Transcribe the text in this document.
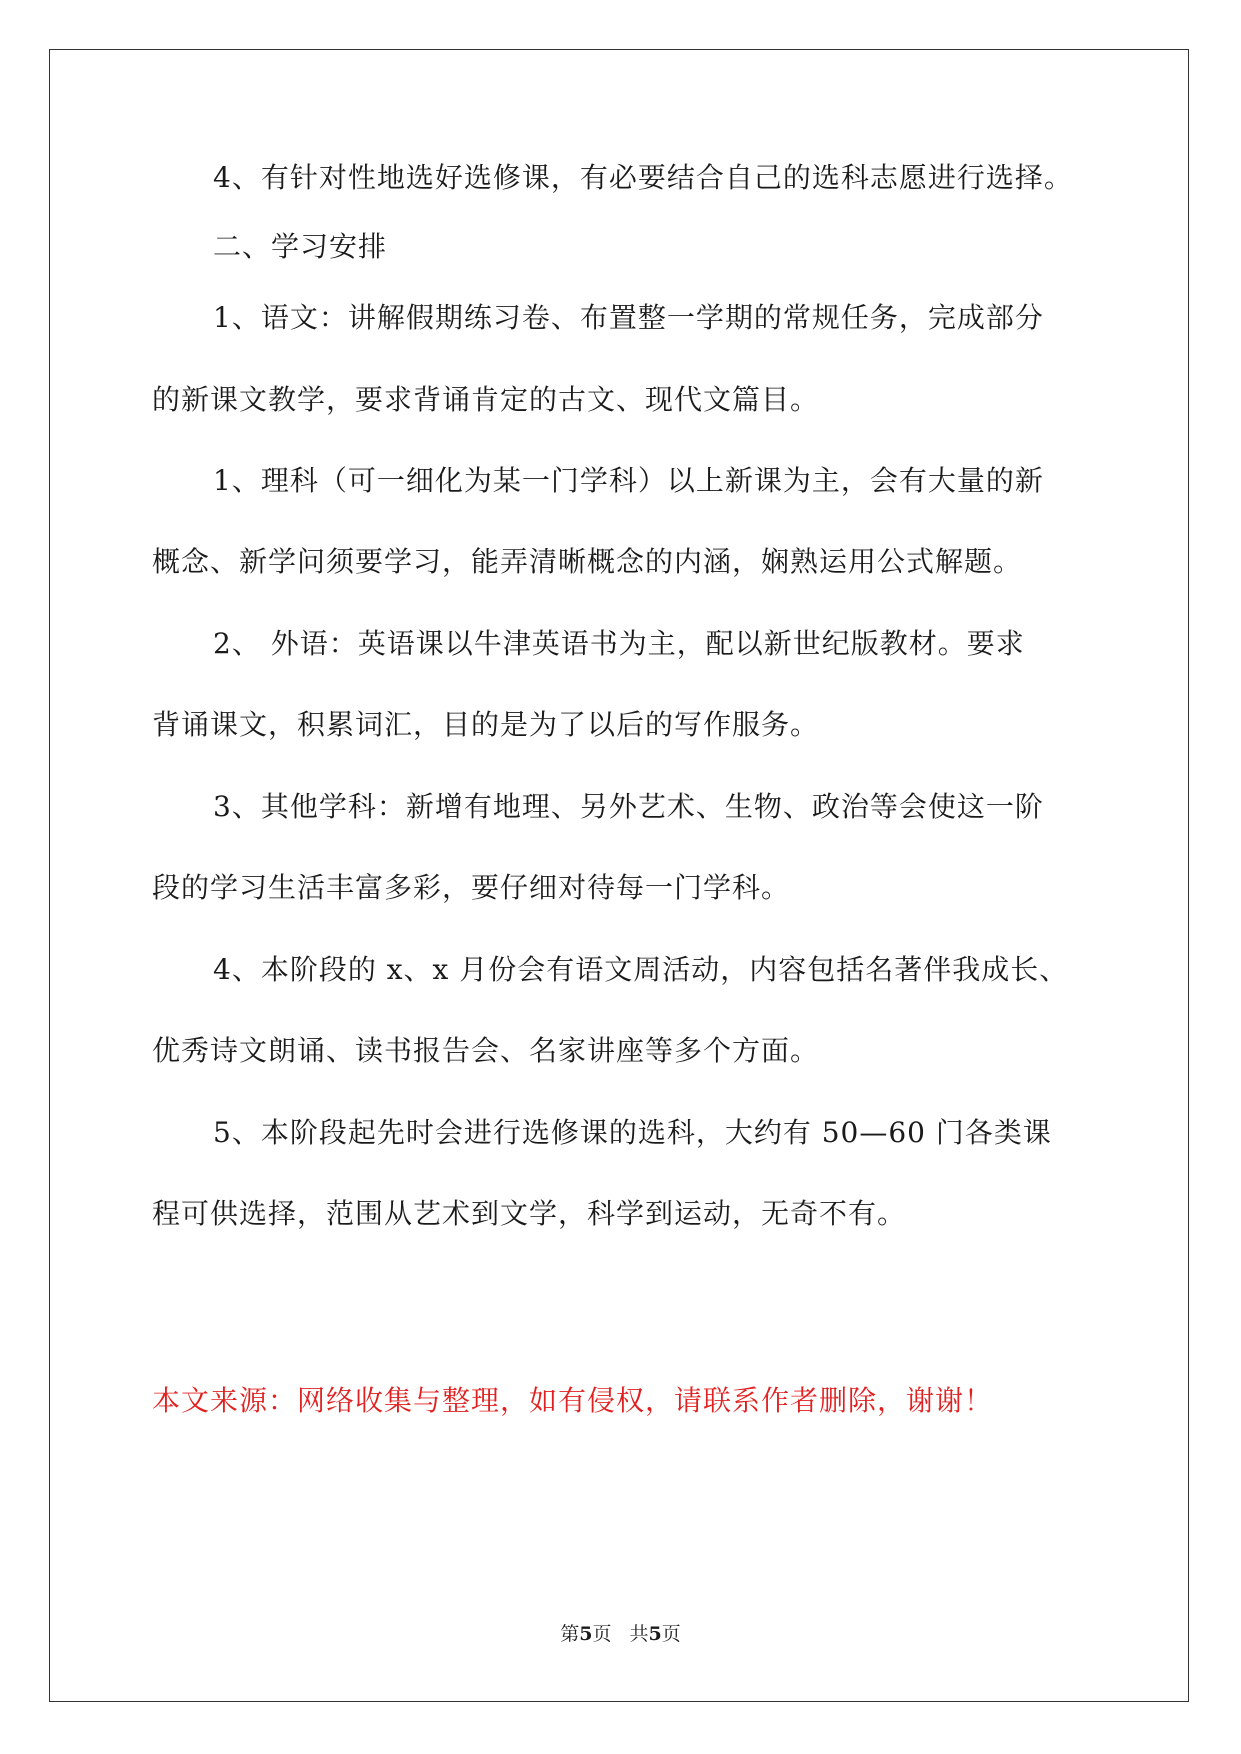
4、有针对性地选好选修课，有必要结合自己的选科志愿进行选择。
二、学习安排
1、语文：讲解假期练习卷、布置整一学期的常规任务，完成部分
的新课文教学，要求背诵肯定的古文、现代文篇目。
1、理科（可一细化为某一门学科）以上新课为主，会有大量的新
概念、新学问须要学习，能弄清晰概念的内涵，娴熟运用公式解题。
2、 外语：英语课以牛津英语书为主，配以新世纪版教材。要求
背诵课文，积累词汇，目的是为了以后的写作服务。
3、其他学科：新增有地理、另外艺术、生物、政治等会使这一阶
段的学习生活丰富多彩，要仔细对待每一门学科。
4、本阶段的 x、x 月份会有语文周活动，内容包括名著伴我成长、
优秀诗文朗诵、读书报告会、名家讲座等多个方面。
5、本阶段起先时会进行选修课的选科，大约有 50—60 门各类课
程可供选择，范围从艺术到文学，科学到运动，无奇不有。
本文来源：网络收集与整理，如有侵权，请联系作者删除，谢谢！
第5页 共5页
